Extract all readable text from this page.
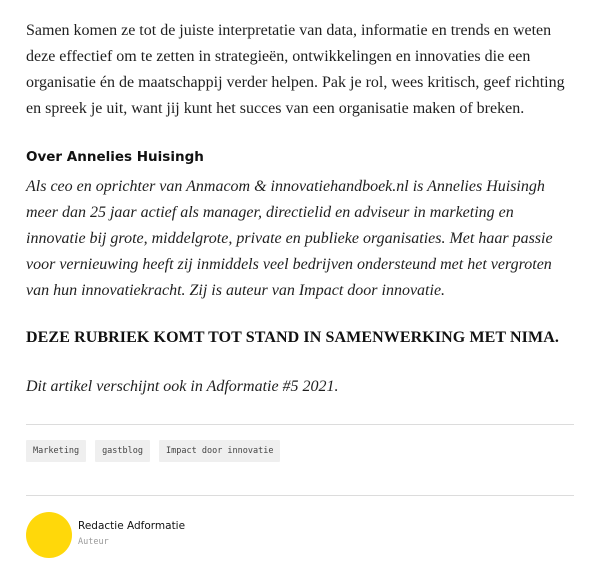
Samen komen ze tot de juiste interpretatie van data, informatie en trends en weten deze effectief om te zetten in strategieën, ontwikkelingen en innovaties die een organisatie én de maatschappij verder helpen. Pak je rol, wees kritisch, geef richting en spreek je uit, want jij kunt het succes van een organisatie maken of breken.

Over Annelies Huisingh

Als ceo en oprichter van Anmacom & innovatiehandboek.nl is Annelies Huisingh meer dan 25 jaar actief als manager, directielid en adviseur in marketing en innovatie bij grote, middelgrote, private en publieke organisaties. Met haar passie voor vernieuwing heeft zij inmiddels veel bedrijven ondersteund met het vergroten van hun innovatiekracht. Zij is auteur van Impact door innovatie.

DEZE RUBRIEK KOMT TOT STAND IN SAMENWERKING MET NIMA.

Dit artikel verschijnt ook in Adformatie #5 2021.

Marketing	gastblog	Impact door innovatie
Redactie Adformatie
Auteur
